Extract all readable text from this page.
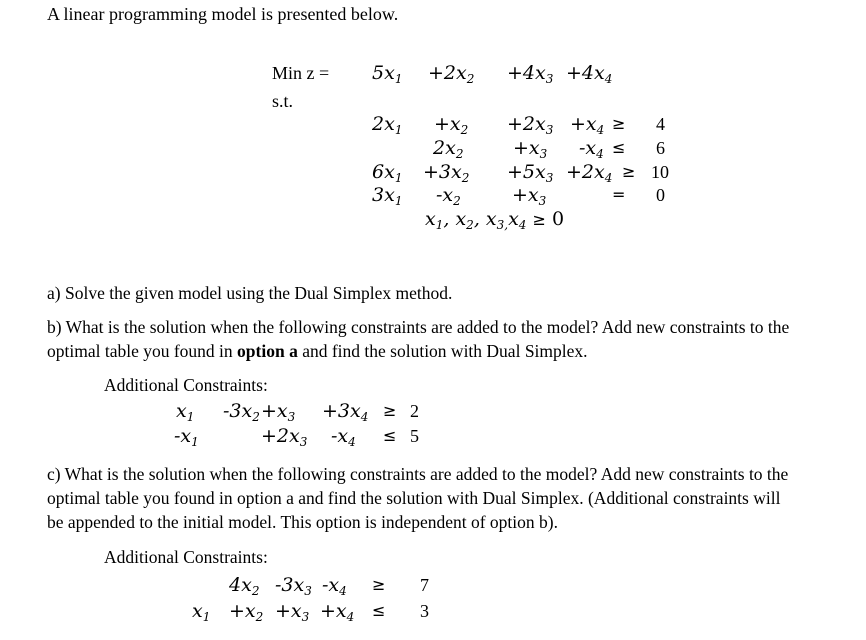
A linear programming model is presented below.
Min $z = 5x_1 +2x_2 +4x_3 +4x_4$
s.t.
$2x_1 +x_2 +2x_3 +x_4 \ge 4$
$2x_2$	$+x_3$ $-x_4 \le 6$
$6x_1 +3x_2 +5x_3 +2x_4 \ge 10$
$3x_1$ $-x_2$	$+x_3$	= 0
$x_1$, $x_2$, $x_{3,}x_4 \ge 0$
a) Solve the given model using the Dual Simplex method.
b) What is the solution when the following constraints are added to the model? Add new constraints to the
optimal table you found in option a and find the solution with Dual Simplex.
Additional Constraints:
$x_1$ $-3x_2 +x_3 +3x_4 \ge 2$
$-x_1$	$+2x_3$ $-x_4 \le 5$
c) What is the solution when the following constraints are added to the model? Add new constraints to the
optimal table you found in option a and find the solution with Dual Simplex. (Additional constraints will
be appended to the initial model. This option is independent of option b).
Additional Constraints:
$4x_2$ $-3x_3$ $-x_4 \ge 7$
$x_1 +x_2 +x_3 +x_4 \le 3$
